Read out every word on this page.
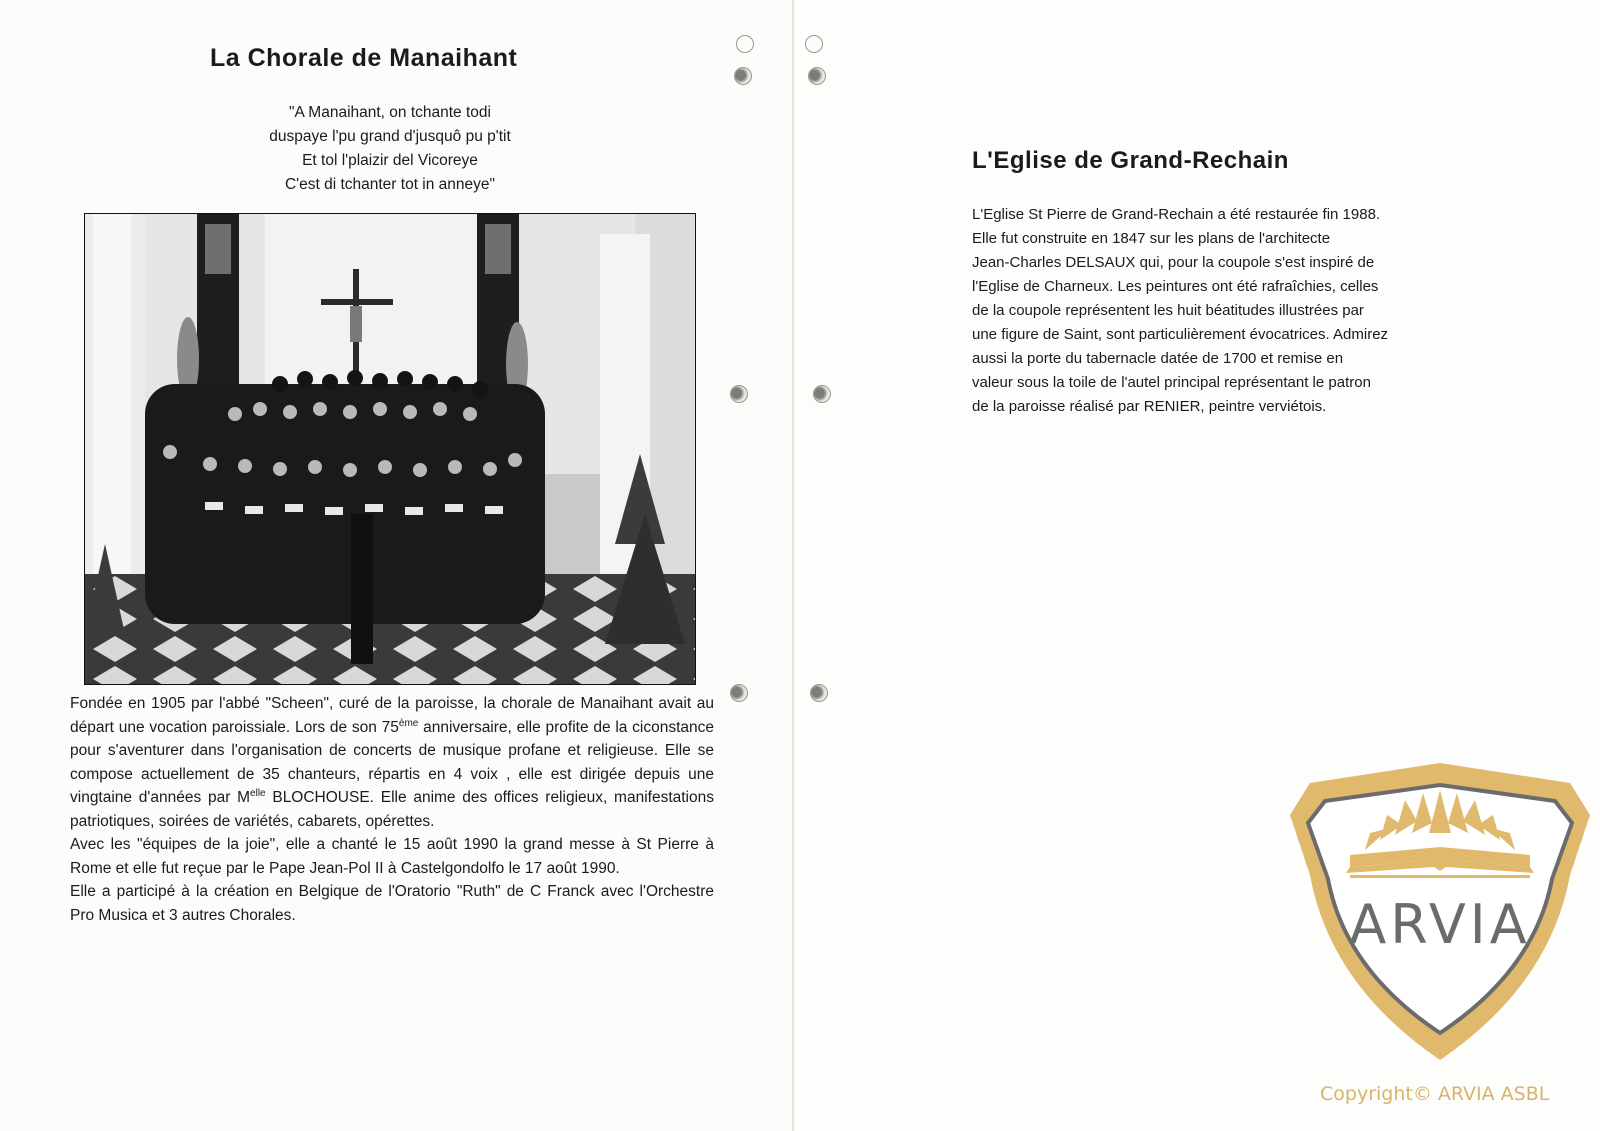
La Chorale de Manaihant
"A Manaihant, on tchante todi
duspaye l'pu grand d'jusquô pu p'tit
Et tol l'plaizir del Vicoreye
C'est di tchanter tot in anneye"

Fondée en 1905 par l'abbé "Scheen", curé de la paroisse, la chorale de Manaihant avait au départ une vocation paroissiale. Lors de son 75ème anniversaire, elle profite de la ciconstance pour s'aventurer dans l'organisation de concerts de musique profane et religieuse. Elle se compose actuellement de 35 chanteurs, répartis en 4 voix , elle est dirigée depuis une vingtaine d'années par $M^{elle}$ BLOCHOUSE. Elle anime des offices religieux, manifestations patriotiques, soirées de variétés, cabarets, opérettes.

Avec les "équipes de la joie", elle a chanté le 15 août 1990 la grand messe à St Pierre à Rome et elle fut reçue par le Pape Jean-Pol II à Castelgondolfo le 17 août 1990.

Elle a participé à la création en Belgique de l'Oratorio "Ruth" de C Franck avec l'Orchestre Pro Musica et 3 autres Chorales.

L'Eglise de Grand-Rechain
L'Eglise St Pierre de Grand-Rechain a été restaurée fin 1988.
Elle fut construite en 1847 sur les plans de l'architecte
Jean-Charles DELSAUX qui, pour la coupole s'est inspiré de
l'Eglise de Charneux. Les peintures ont été rafraîchies, celles
de la coupole représentent les huit béatitudes illustrées par
une figure de Saint, sont particulièrement évocatrices. Admirez
aussi la porte du tabernacle datée de 1700 et remise en
valeur sous la toile de l'autel principal représentant le patron
de la paroisse réalisé par RENIER, peintre verviétois.
ARVIA
Copyright© ARVIA ASBL
